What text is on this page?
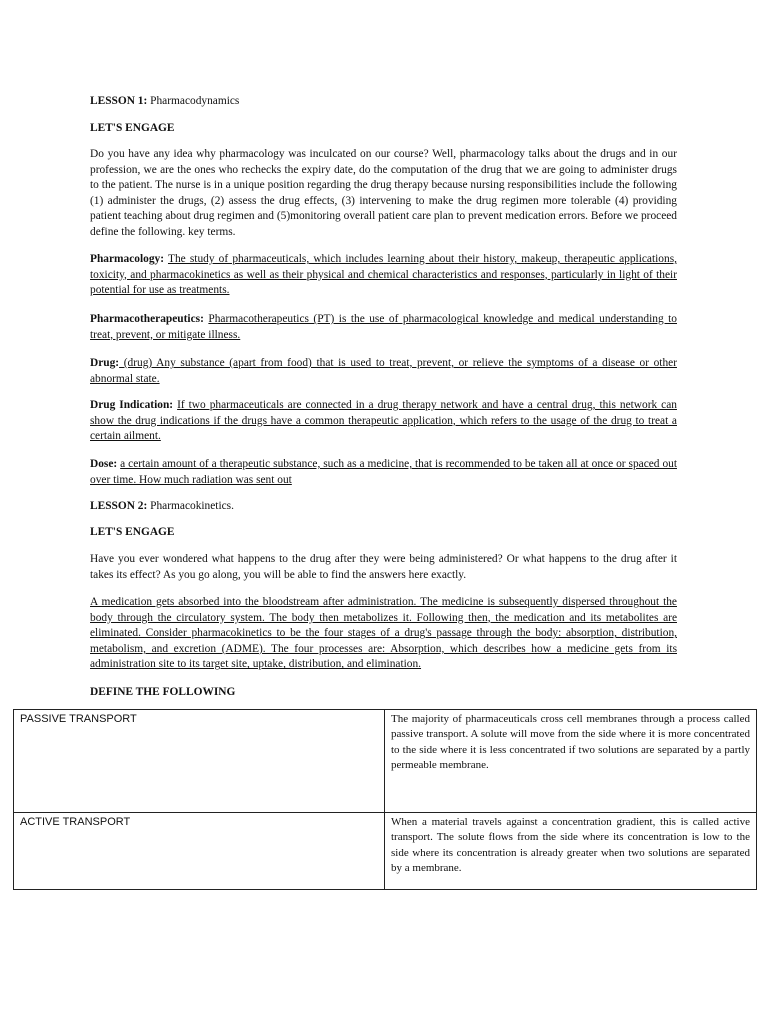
LESSON 1: Pharmacodynamics

LET'S ENGAGE

Do you have any idea why pharmacology was inculcated on our course? Well, pharmacology talks about the drugs and in our profession, we are the ones who rechecks the expiry date, do the computation of the drug that we are going to administer drugs to the patient. The nurse is in a unique position regarding the drug therapy because nursing responsibilities include the following (1) administer the drugs, (2) assess the drug effects, (3) intervening to make the drug regimen more tolerable (4) providing patient teaching about drug regimen and (5)monitoring overall patient care plan to prevent medication errors. Before we proceed define the following. key terms.

Pharmacology: The study of pharmaceuticals, which includes learning about their history, makeup, therapeutic applications, toxicity, and pharmacokinetics as well as their physical and chemical characteristics and responses, particularly in light of their potential for use as treatments.

Pharmacotherapeutics: Pharmacotherapeutics (PT) is the use of pharmacological knowledge and medical understanding to treat, prevent, or mitigate illness.

Drug: (drug) Any substance (apart from food) that is used to treat, prevent, or relieve the symptoms of a disease or other abnormal state.

Drug Indication: If two pharmaceuticals are connected in a drug therapy network and have a central drug, this network can show the drug indications if the drugs have a common therapeutic application, which refers to the usage of the drug to treat a certain ailment.

Dose: a certain amount of a therapeutic substance, such as a medicine, that is recommended to be taken all at once or spaced out over time. How much radiation was sent out

LESSON 2: Pharmacokinetics.

LET'S ENGAGE

Have you ever wondered what happens to the drug after they were being administered? Or what happens to the drug after it takes its effect? As you go along, you will be able to find the answers here exactly.

A medication gets absorbed into the bloodstream after administration. The medicine is subsequently dispersed throughout the body through the circulatory system. The body then metabolizes it. Following then, the medication and its metabolites are eliminated. Consider pharmacokinetics to be the four stages of a drug's passage through the body: absorption, distribution, metabolism, and excretion (ADME). The four processes are: Absorption, which describes how a medicine gets from its administration site to its target site, uptake, distribution, and elimination.

DEFINE THE FOLLOWING

PASSIVE TRANSPORT	The majority of pharmaceuticals cross cell membranes through a process called passive transport. A solute will move from the side where it is more concentrated to the side where it is less concentrated if two solutions are separated by a partly permeable membrane.
ACTIVE TRANSPORT	When a material travels against a concentration gradient, this is called active transport. The solute flows from the side where its concentration is low to the side where its concentration is already greater when two solutions are separated by a membrane.
